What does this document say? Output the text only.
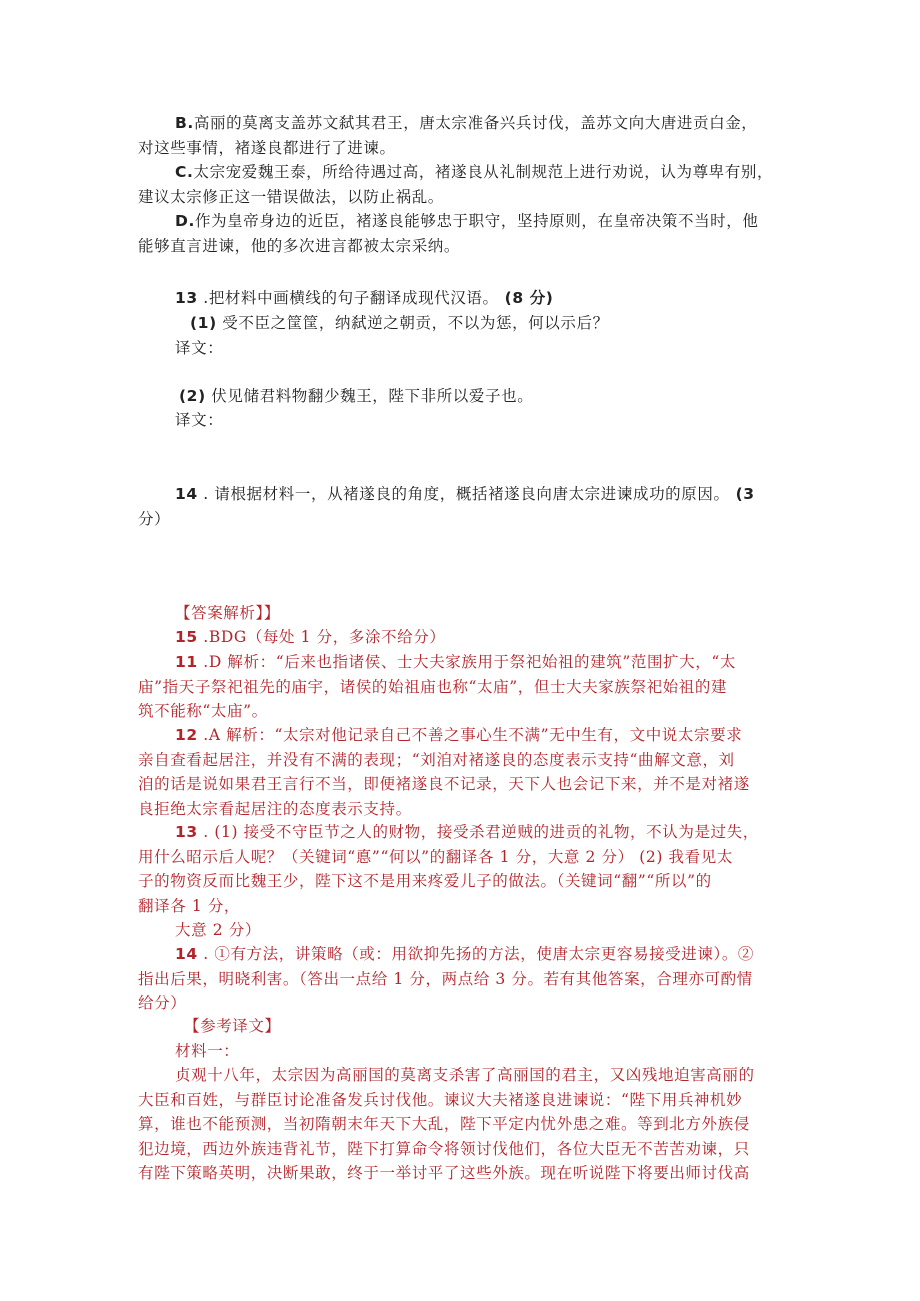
B.高丽的莫离支盖苏文弑其君王，唐太宗准备兴兵讨伐，盖苏文向大唐进贡白金，
对这些事情，褚遂良都进行了进谏。

C.太宗宠爱魏王泰，所给待遇过高，褚遂良从礼制规范上进行劝说，认为尊卑有别，
建议太宗修正这一错误做法，以防止祸乱。

D.作为皇帝身边的近臣，褚遂良能够忠于职守，坚持原则，在皇帝决策不当时，他
能够直言进谏，他的多次进言都被太宗采纳。

13 .把材料中画横线的句子翻译成现代汉语。 (8 分)

(1) 受不臣之筐筐，纳弑逆之朝贡，不以为惩，何以示后？

译文：

(2) 伏见储君料物翻少魏王，陛下非所以爱子也。

译文：

14 . 请根据材料一，从褚遂良的角度，概括褚遂良向唐太宗进谏成功的原因。 (3
分）

【答案解析】】

15 .BDG（每处 1 分，多涂不给分）

11 .D 解析：“后来也指诸侯、士大夫家族用于祭祀始祖的建筑”范围扩大，“太
庙”指天子祭祀祖先的庙宇，诸侯的始祖庙也称“太庙”，但士大夫家族祭祀始祖的建
筑不能称“太庙”。

12 .A 解析：“太宗对他记录自己不善之事心生不满”无中生有，文中说太宗要求
亲自查看起居注，并没有不满的表现；“刘洎对褚遂良的态度表示支持“曲解文意，刘
洎的话是说如果君王言行不当，即便褚遂良不记录，天下人也会记下来，并不是对褚遂
良拒绝太宗看起居注的态度表示支持。

13 . (1) 接受不守臣节之人的财物，接受杀君逆贼的进贡的礼物，不认为是过失，
用什么昭示后人呢？（关键词“悳”“何以”的翻译各 1 分，大意 2 分） (2) 我看见太
子的物资反而比魏王少，陛下这不是用来疼爱儿子的做法。（关键词“翻”“所以”的
翻译各 1 分，
大意 2 分）

14 . ①有方法，讲策略（或：用欲抑先扬的方法，使唐太宗更容易接受进谏）。②
指出后果，明晓利害。（答出一点给 1 分，两点给 3 分。若有其他答案，合理亦可酌情
给分）

【参考译文】

材料一：

贞观十八年，太宗因为高丽国的莫离支杀害了高丽国的君主，又凶残地迫害高丽的
大臣和百姓，与群臣讨论准备发兵讨伐他。谏议大夫褚遂良进谏说：“陛下用兵神机妙
算，谁也不能预测，当初隋朝末年天下大乱，陛下平定内忧外患之难。等到北方外族侵
犯边境，西边外族违背礼节，陛下打算命令将领讨伐他们，各位大臣无不苦苦劝谏，只
有陛下策略英明，决断果敢，终于一举讨平了这些外族。现在听说陛下将要出师讨伐高
